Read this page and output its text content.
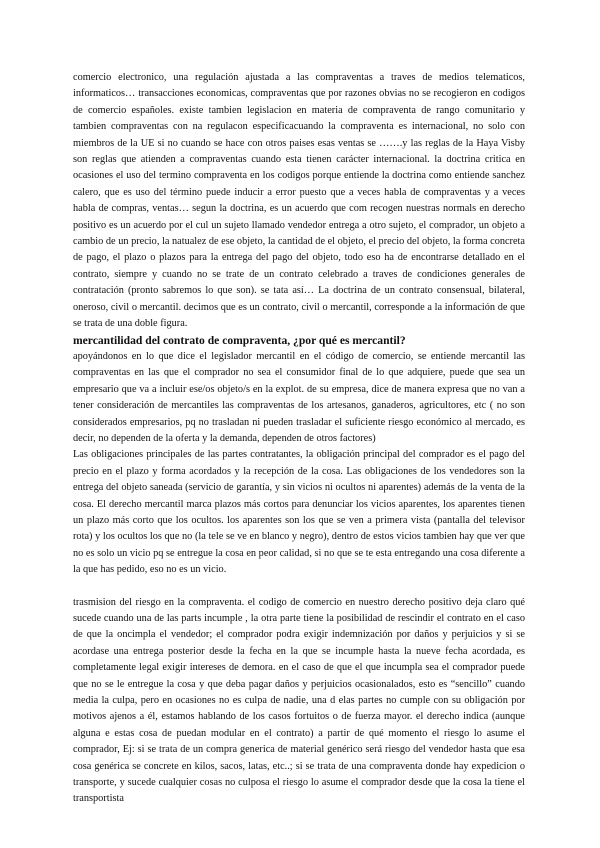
comercio electronico, una regulación ajustada a las compraventas a traves de medios telematicos, informaticos… transacciones economicas, compraventas que por razones obvias no se recogieron en codigos de comercio españoles. existe tambien legislacion en materia de compraventa de rango comunitario y tambien compraventas con na regulacon especificacuando la compraventa es internacional, no solo con miembros de la UE si no cuando se hace con otros paises esas ventas se …….y las reglas de la Haya Visby son reglas que atienden a compraventas cuando esta tienen carácter internacional. la doctrina critica en ocasiones el uso del termino compraventa en los codigos porque entiende la doctrina como entiende sanchez calero, que es uso del término puede inducir a error puesto que a veces habla de compraventas y a veces habla de compras, ventas… segun la doctrina, es un acuerdo que com recogen nuestras normals en derecho positivo es un acuerdo por el cul un sujeto llamado vendedor entrega a otro sujeto, el comprador, un objeto a cambio de un precio, la natualez de ese objeto, la cantidad de el objeto, el precio del objeto, la forma concreta de pago, el plazo o plazos para la entrega del pago del objeto, todo eso ha de encontrarse detallado en el contrato, siempre y cuando no se trate de un contrato celebrado a traves de condiciones generales de contratación (pronto sabremos lo que son). se tata así… La doctrina de un contrato consensual, bilateral, oneroso, civil o mercantil. decimos que es un contrato, civil o mercantil, corresponde a la información de que se trata de una doble figura.

mercantilidad del contrato de compraventa, ¿por qué es mercantil?

apoyándonos en lo que dice el legislador mercantil en el código de comercio, se entiende mercantil las compraventas en las que el comprador no sea el consumidor final de lo que adquiere, puede que sea un empresario que va a incluir ese/os objeto/s en la explot. de su empresa, dice de manera expresa que no van a tener consideración de mercantiles las compraventas de los artesanos, ganaderos, agricultores, etc ( no son considerados empresarios, pq no trasladan ni pueden trasladar el suficiente riesgo económico al mercado, es decir, no dependen de la oferta y la demanda, dependen de otros factores)

Las obligaciones principales de las partes contratantes, la obligación principal del comprador es el pago del precio en el plazo y forma acordados y la recepción de la cosa. Las obligaciones de los vendedores son la entrega del objeto saneada (servicio de garantía, y sin vicios ni ocultos ni aparentes) además de la venta de la cosa. El derecho mercantil marca plazos más cortos para denunciar los vicios aparentes, los aparentes tienen un plazo más corto que los ocultos. los aparentes son los que se ven a primera vista (pantalla del televisor rota) y los ocultos los que no (la tele se ve en blanco y negro), dentro de estos vicios tambien hay que ver que no es solo un vicio pq se entregue la cosa en peor calidad, si no que se te esta entregando una cosa diferente a la que has pedido, eso no es un vicio.

trasmision del riesgo en la compraventa. el codigo de comercio en nuestro derecho positivo deja claro qué sucede cuando una de las parts incumple , la otra parte tiene la posibilidad de rescindir el contrato en el caso de que la oncimpla el vendedor; el comprador podra exigir indemnización por daños y perjuicios y si se acordase una entrega posterior desde la fecha en la que se incumple hasta la nueve fecha acordada, es completamente legal exigir intereses de demora. en el caso de que el que incumpla sea el comprador puede que no se le entregue la cosa y que deba pagar daños y perjuicios ocasionalados, esto es “sencillo” cuando media la culpa, pero en ocasiones no es culpa de nadie, una d elas partes no cumple con su obligación por motivos ajenos a él, estamos hablando de los casos fortuitos o de fuerza mayor. el derecho indica (aunque alguna e estas cosa de puedan modular en el contrato) a partir de qué momento el riesgo lo asume el comprador, Ej: si se trata de un compra generica de material genérico será riesgo del vendedor hasta que esa cosa genérica se concrete en kilos, sacos, latas, etc..; si se trata de una compraventa donde hay expedicion o transporte, y sucede cualquier cosas no culposa el riesgo lo asume el comprador desde que la cosa la tiene el transportista
